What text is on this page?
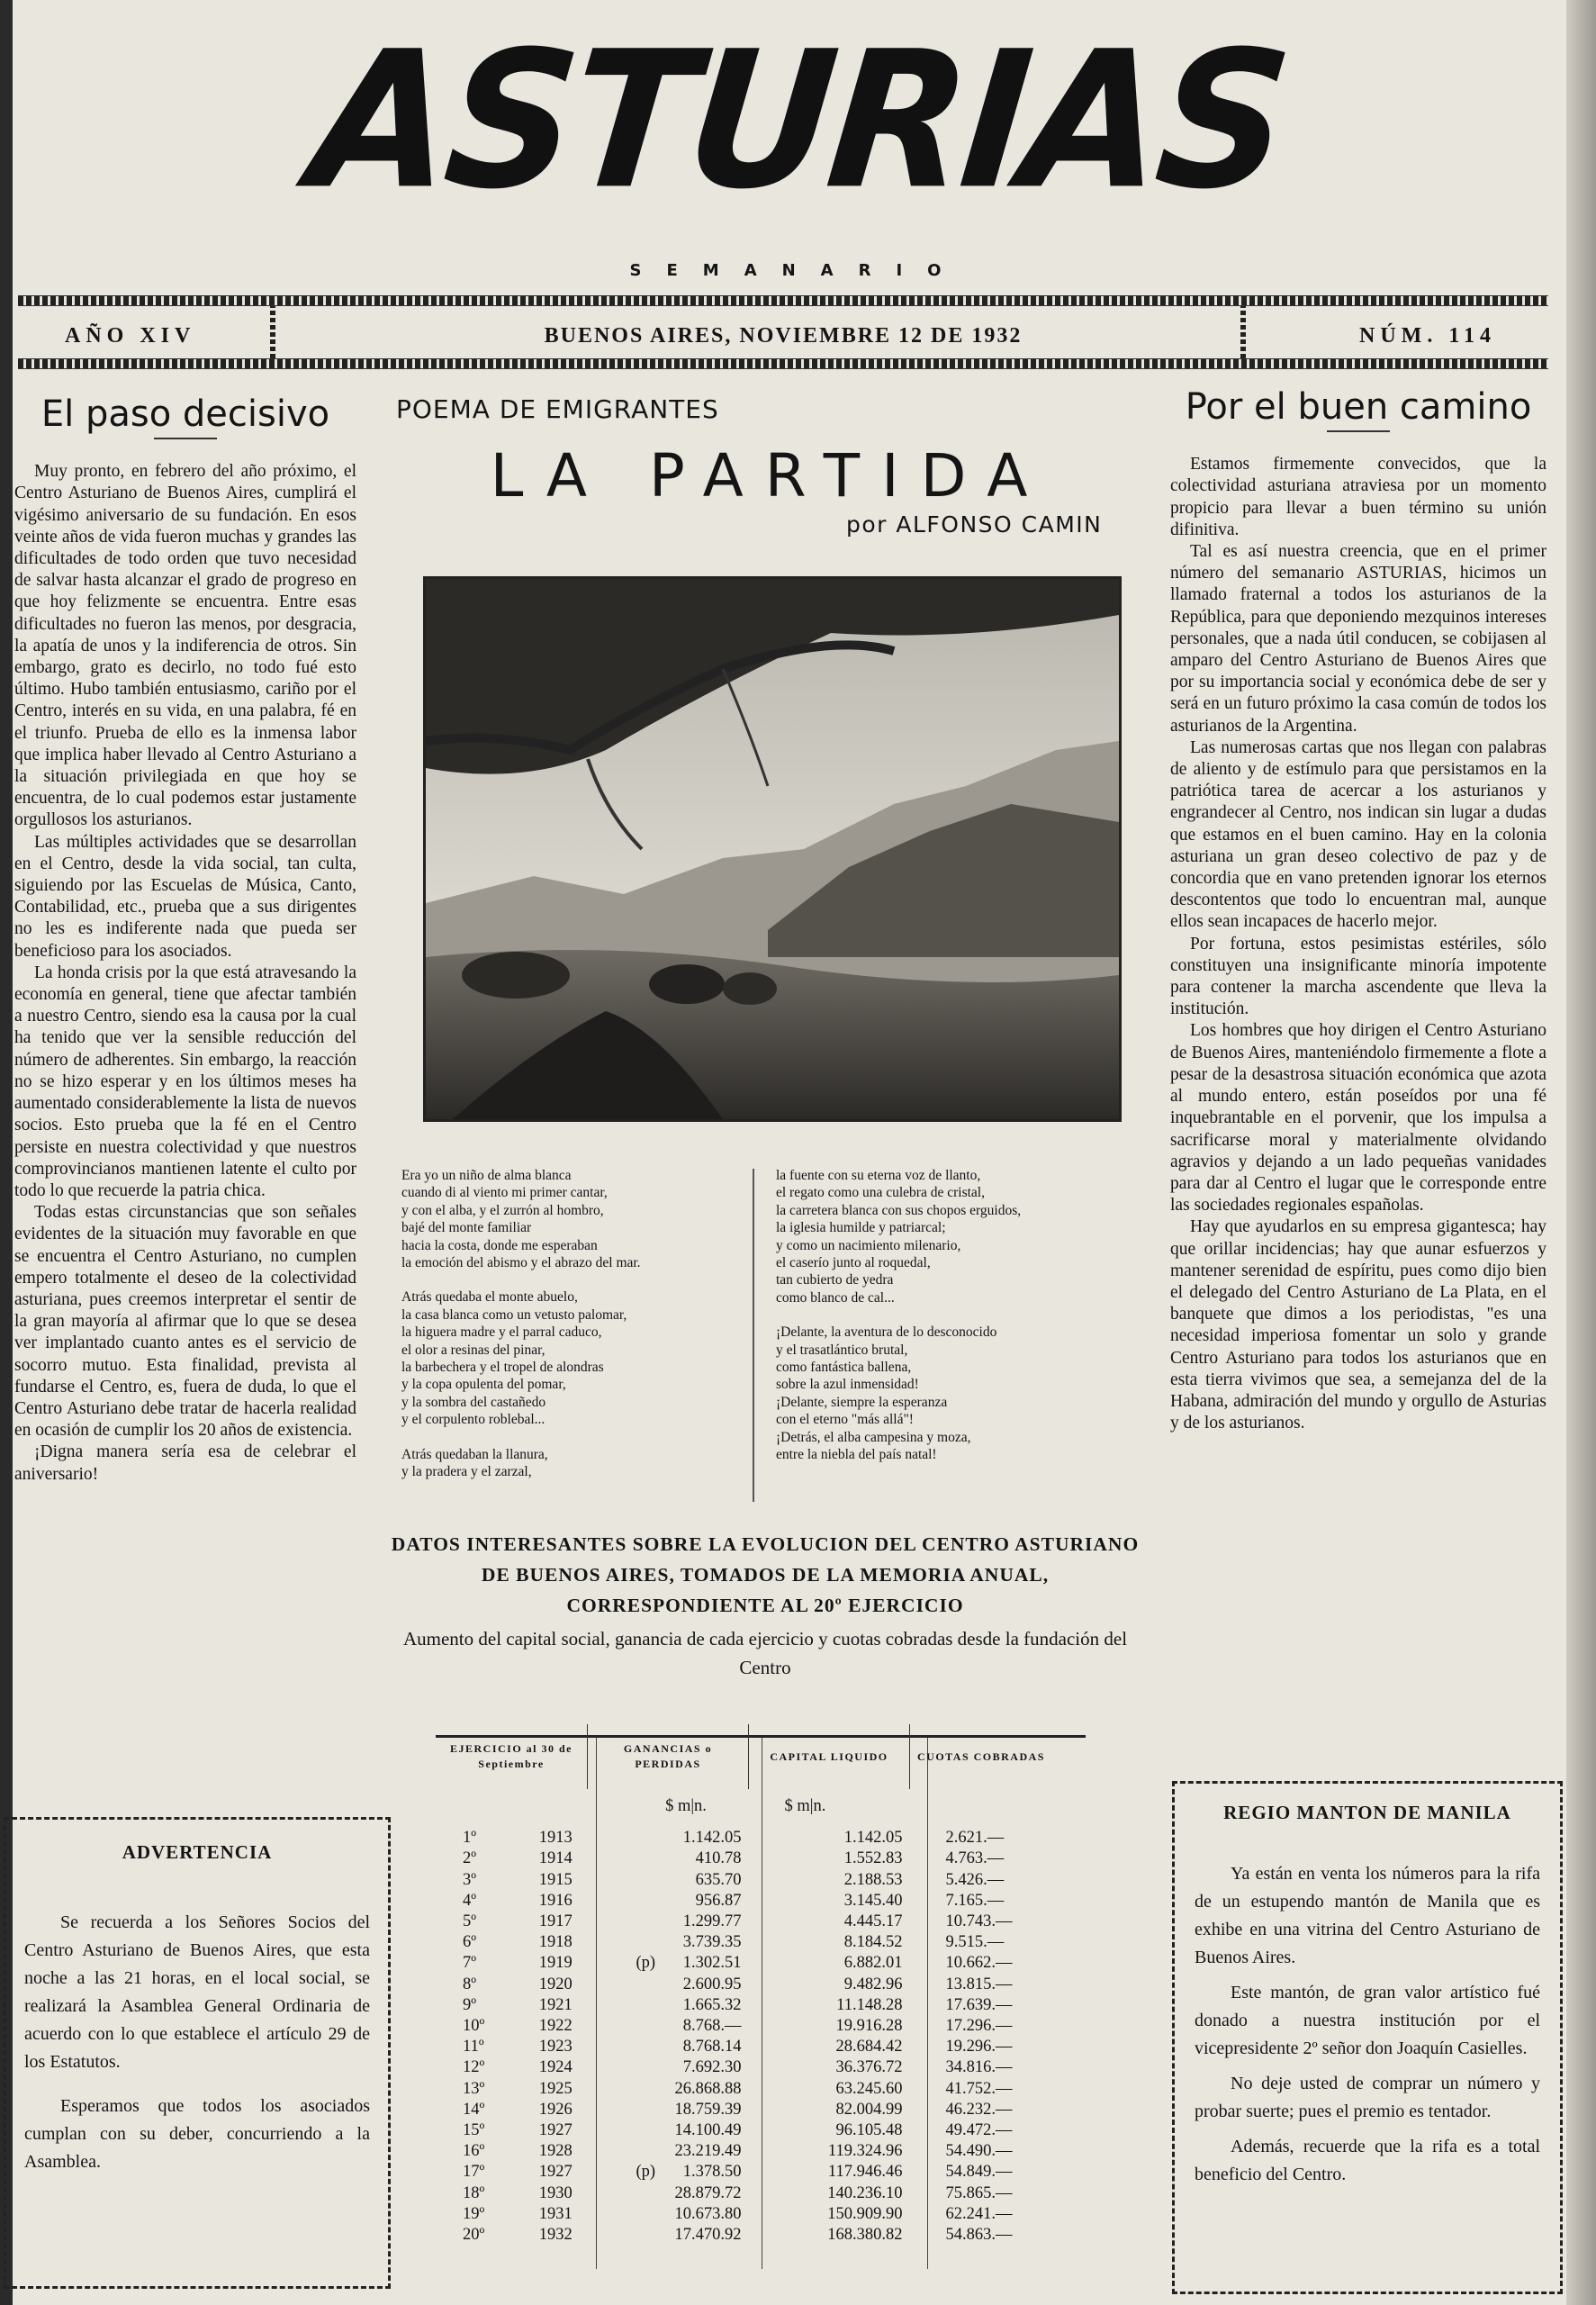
ASTURIAS
SEMANARIO
AÑO XIV	BUENOS AIRES, NOVIEMBRE 12 DE 1932	NÚM. 114
El paso decisivo

Muy pronto, en febrero del año próximo, el Centro Asturiano de Buenos Aires, cumplirá el vigésimo aniversario de su fundación. En esos veinte años de vida fueron muchas y grandes las dificultades de todo orden que tuvo necesidad de salvar hasta alcanzar el grado de progreso en que hoy felizmente se encuentra. Entre esas dificultades no fueron las menos, por desgracia, la apatía de unos y la indiferencia de otros. Sin embargo, grato es decirlo, no todo fué esto último. Hubo también entusiasmo, cariño por el Centro, interés en su vida, en una palabra, fé en el triunfo. Prueba de ello es la inmensa labor que implica haber llevado al Centro Asturiano a la situación privilegiada en que hoy se encuentra, de lo cual podemos estar justamente orgullosos los asturianos.

Las múltiples actividades que se desarrollan en el Centro, desde la vida social, tan culta, siguiendo por las Escuelas de Música, Canto, Contabilidad, etc., prueba que a sus dirigentes no les es indiferente nada que pueda ser beneficioso para los asociados.

La honda crisis por la que está atravesando la economía en general, tiene que afectar también a nuestro Centro, siendo esa la causa por la cual ha tenido que ver la sensible reducción del número de adherentes. Sin embargo, la reacción no se hizo esperar y en los últimos meses ha aumentado considerablemente la lista de nuevos socios. Esto prueba que la fé en el Centro persiste en nuestra colectividad y que nuestros comprovincianos mantienen latente el culto por todo lo que recuerde la patria chica.

Todas estas circunstancias que son señales evidentes de la situación muy favorable en que se encuentra el Centro Asturiano, no cumplen empero totalmente el deseo de la colectividad asturiana, pues creemos interpretar el sentir de la gran mayoría al afirmar que lo que se desea ver implantado cuanto antes es el servicio de socorro mutuo. Esta finalidad, prevista al fundarse el Centro, es, fuera de duda, lo que el Centro Asturiano debe tratar de hacerla realidad en ocasión de cumplir los 20 años de existencia.

¡Digna manera sería esa de celebrar el aniversario!

ADVERTENCIA

Se recuerda a los Señores Socios del Centro Asturiano de Buenos Aires, que esta noche a las 21 horas, en el local social, se realizará la Asamblea General Ordinaria de acuerdo con lo que establece el artículo 29 de los Estatutos.

Esperamos que todos los asociados cumplan con su deber, concurriendo a la Asamblea.

POEMA DE EMIGRANTES
LA PARTIDA
por ALFONSO CAMIN
Era yo un niño de alma blanca
cuando di al viento mi primer cantar,
y con el alba, y el zurrón al hombro,
bajé del monte familiar
hacia la costa, donde me esperaban
la emoción del abismo y el abrazo del mar.
Atrás quedaba el monte abuelo,
la casa blanca como un vetusto palomar,
la higuera madre y el parral caduco,
el olor a resinas del pinar,
la barbechera y el tropel de alondras
y la copa opulenta del pomar,
y la sombra del castañedo
y el corpulento roblebal...
Atrás quedaban la llanura,
y la pradera y el zarzal,
la fuente con su eterna voz de llanto,
el regato como una culebra de cristal,
la carretera blanca con sus chopos erguidos,
la iglesia humilde y patriarcal;
y como un nacimiento milenario,
el caserío junto al roquedal,
tan cubierto de yedra
como blanco de cal...
¡Delante, la aventura de lo desconocido
y el trasatlántico brutal,
como fantástica ballena,
sobre la azul inmensidad!
¡Delante, siempre la esperanza
con el eterno "más allá"!
¡Detrás, el alba campesina y moza,
entre la niebla del país natal!
DATOS INTERESANTES SOBRE LA EVOLUCION DEL CENTRO ASTURIANO DE BUENOS AIRES, TOMADOS DE LA MEMORIA ANUAL, CORRESPONDIENTE AL 20º EJERCICIO
Aumento del capital social, ganancia de cada ejercicio y cuotas cobradas desde la fundación del Centro
EJERCICIO al 30 de Septiembre		GANANCIAS o PERDIDAS		CAPITAL LIQUIDO	CUOTAS COBRADAS
		$ m|n.		$ m|n.	
1º	1913		1.142.05	1.142.05	2.621.—
2º	1914		410.78	1.552.83	4.763.—
3º	1915		635.70	2.188.53	5.426.—
4º	1916		956.87	3.145.40	7.165.—
5º	1917		1.299.77	4.445.17	10.743.—
6º	1918		3.739.35	8.184.52	9.515.—
7º	1919	(p)	1.302.51	6.882.01	10.662.—
8º	1920		2.600.95	9.482.96	13.815.—
9º	1921		1.665.32	11.148.28	17.639.—
10º	1922		8.768.—	19.916.28	17.296.—
11º	1923		8.768.14	28.684.42	19.296.—
12º	1924		7.692.30	36.376.72	34.816.—
13º	1925		26.868.88	63.245.60	41.752.—
14º	1926		18.759.39	82.004.99	46.232.—
15º	1927		14.100.49	96.105.48	49.472.—
16º	1928		23.219.49	119.324.96	54.490.—
17º	1927	(p)	1.378.50	117.946.46	54.849.—
18º	1930		28.879.72	140.236.10	75.865.—
19º	1931		10.673.80	150.909.90	62.241.—
20º	1932		17.470.92	168.380.82	54.863.—
Por el buen camino

Estamos firmemente convecidos, que la colectividad asturiana atraviesa por un momento propicio para llevar a buen término su unión difinitiva.

Tal es así nuestra creencia, que en el primer número del semanario ASTURIAS, hicimos un llamado fraternal a todos los asturianos de la República, para que deponiendo mezquinos intereses personales, que a nada útil conducen, se cobijasen al amparo del Centro Asturiano de Buenos Aires que por su importancia social y económica debe de ser y será en un futuro próximo la casa común de todos los asturianos de la Argentina.

Las numerosas cartas que nos llegan con palabras de aliento y de estímulo para que persistamos en la patriótica tarea de acercar a los asturianos y engrandecer al Centro, nos indican sin lugar a dudas que estamos en el buen camino. Hay en la colonia asturiana un gran deseo colectivo de paz y de concordia que en vano pretenden ignorar los eternos descontentos que todo lo encuentran mal, aunque ellos sean incapaces de hacerlo mejor.

Por fortuna, estos pesimistas estériles, sólo constituyen una insignificante minoría impotente para contener la marcha ascendente que lleva la institución.

Los hombres que hoy dirigen el Centro Asturiano de Buenos Aires, manteniéndolo firmemente a flote a pesar de la desastrosa situación económica que azota al mundo entero, están poseídos por una fé inquebrantable en el porvenir, que los impulsa a sacrificarse moral y materialmente olvidando agravios y dejando a un lado pequeñas vanidades para dar al Centro el lugar que le corresponde entre las sociedades regionales españolas.

Hay que ayudarlos en su empresa gigantesca; hay que orillar incidencias; hay que aunar esfuerzos y mantener serenidad de espíritu, pues como dijo bien el delegado del Centro Asturiano de La Plata, en el banquete que dimos a los periodistas, "es una necesidad imperiosa fomentar un solo y grande Centro Asturiano para todos los asturianos que en esta tierra vivimos que sea, a semejanza del de la Habana, admiración del mundo y orgullo de Asturias y de los asturianos.

REGIO MANTON DE MANILA

Ya están en venta los números para la rifa de un estupendo mantón de Manila que es exhibe en una vitrina del Centro Asturiano de Buenos Aires.

Este mantón, de gran valor artístico fué donado a nuestra institución por el vicepresidente 2º señor don Joaquín Casielles.

No deje usted de comprar un número y probar suerte; pues el premio es tentador.

Además, recuerde que la rifa es a total beneficio del Centro.
